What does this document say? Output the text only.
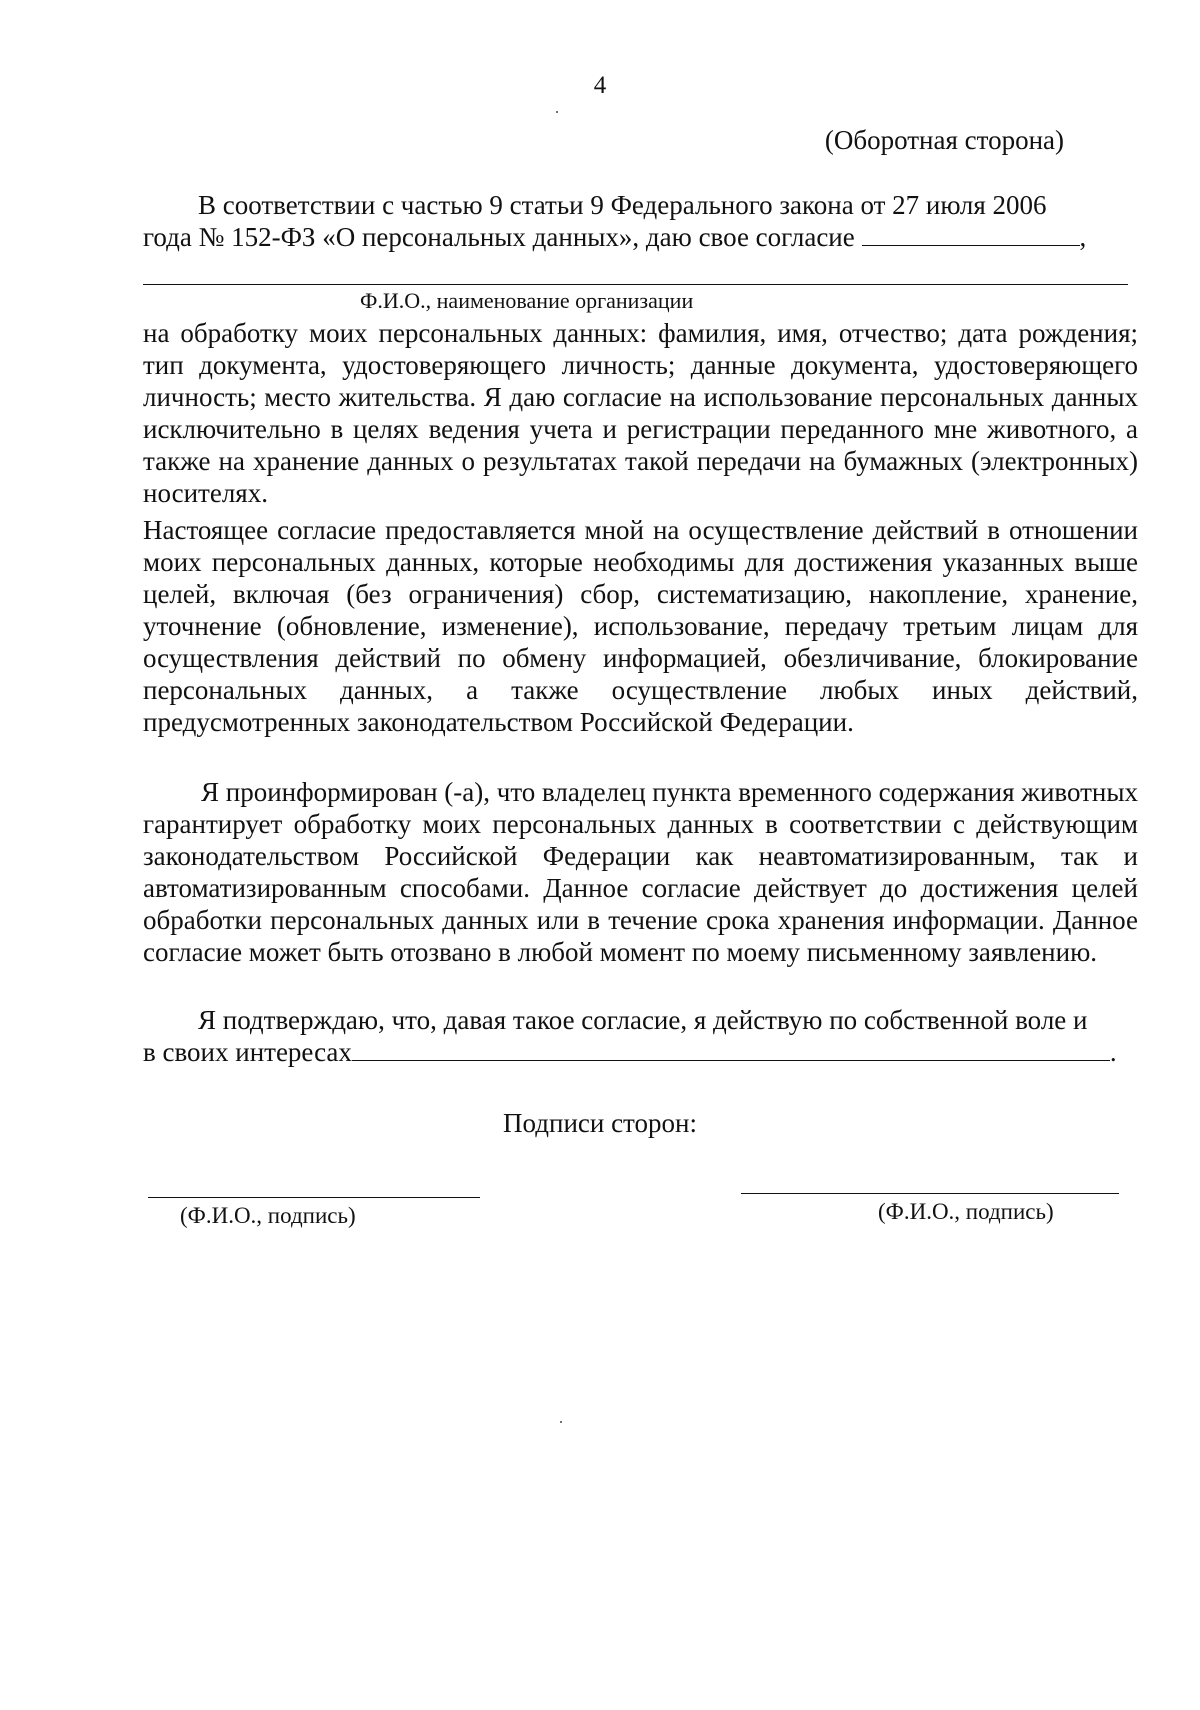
4
(Оборотная сторона)
В соответствии с частью 9 статьи 9 Федерального закона от 27 июля 2006
года № 152-ФЗ «О персональных данных», даю свое согласие	,
Ф.И.О., наименование организации

на обработку моих персональных данных: фамилия, имя, отчество; дата рождения; тип документа, удостоверяющего личность; данные документа, удостоверяющего личность; место жительства. Я даю согласие на использование персональных данных исключительно в целях ведения учета и регистрации переданного мне животного, а также на хранение данных о результатах такой передачи на бумажных (электронных) носителях.

Настоящее согласие предоставляется мной на осуществление действий в отношении моих персональных данных, которые необходимы для достижения указанных выше целей, включая (без ограничения) сбор, систематизацию, накопление, хранение, уточнение (обновление, изменение), использование, передачу третьим лицам для осуществления действий по обмену информацией, обезличивание, блокирование персональных данных, а также осуществление любых иных действий, предусмотренных законодательством Российской Федерации.

Я проинформирован (-а), что владелец пункта временного содержания животных гарантирует обработку моих персональных данных в соответствии с действующим законодательством Российской Федерации как неавтоматизированным, так и автоматизированным способами. Данное согласие действует до достижения целей обработки персональных данных или в течение срока хранения информации. Данное согласие может быть отозвано в любой момент по моему письменному заявлению.

Я подтверждаю, что, давая такое согласие, я действую по собственной воле и
в своих интересах	.
Подписи сторон:
(Ф.И.О., подпись)	(Ф.И.О., подпись)
